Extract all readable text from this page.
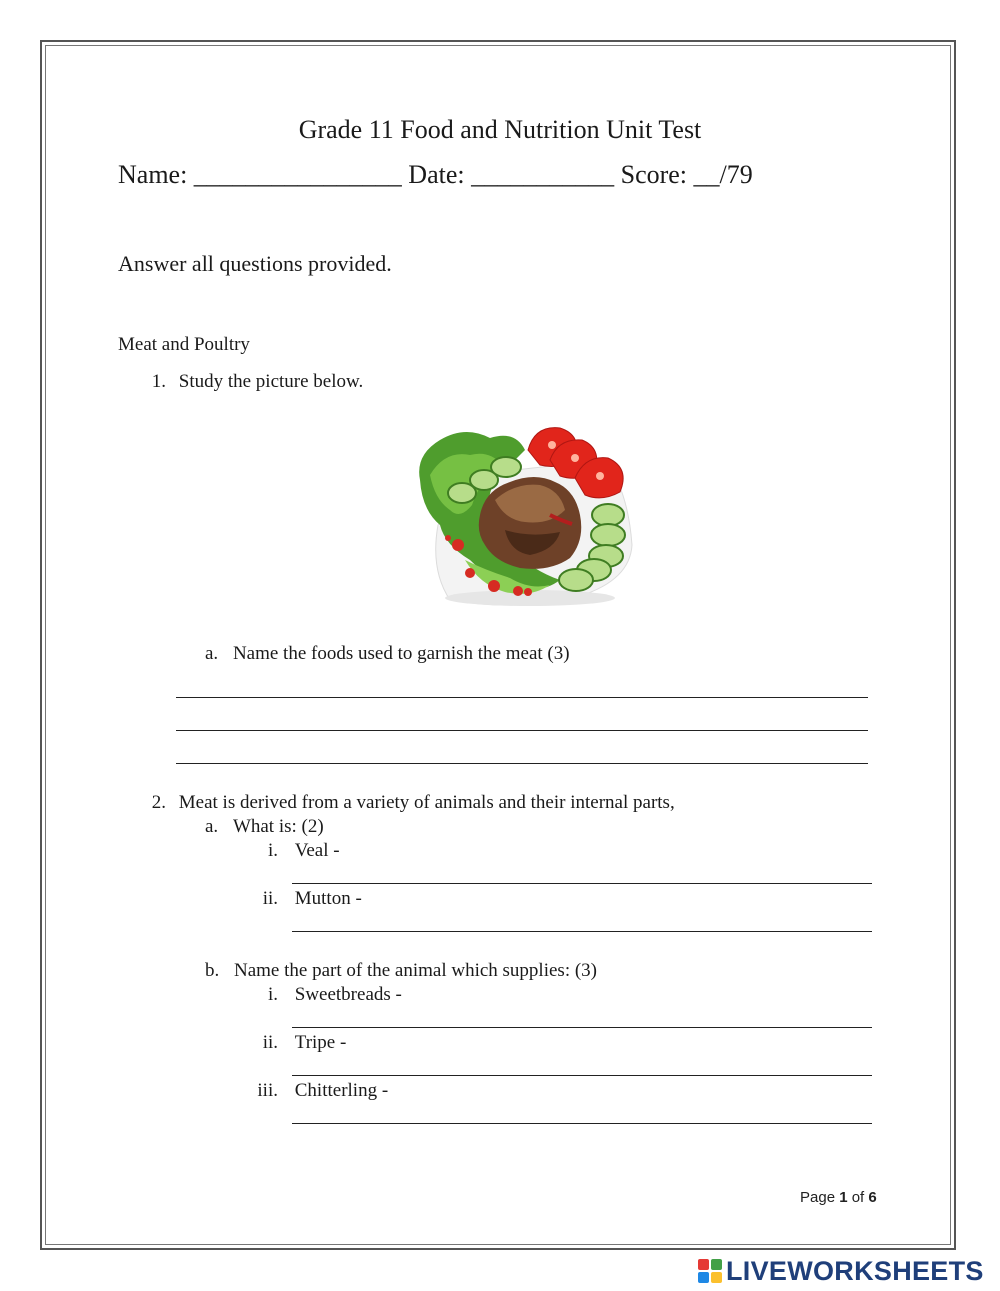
Grade 11 Food and Nutrition Unit Test
Name: ________________ Date: ___________ Score: __/79
Answer all questions provided.
Meat and Poultry
1. Study the picture below.
a. Name the foods used to garnish the meat (3)
2. Meat is derived from a variety of animals and their internal parts,
a. What is: (2)
i. Veal -
ii. Mutton -
b. Name the part of the animal which supplies: (3)
i. Sweetbreads -
ii. Tripe -
iii. Chitterling -
Page 1 of 6
LIVEWORKSHEETS
